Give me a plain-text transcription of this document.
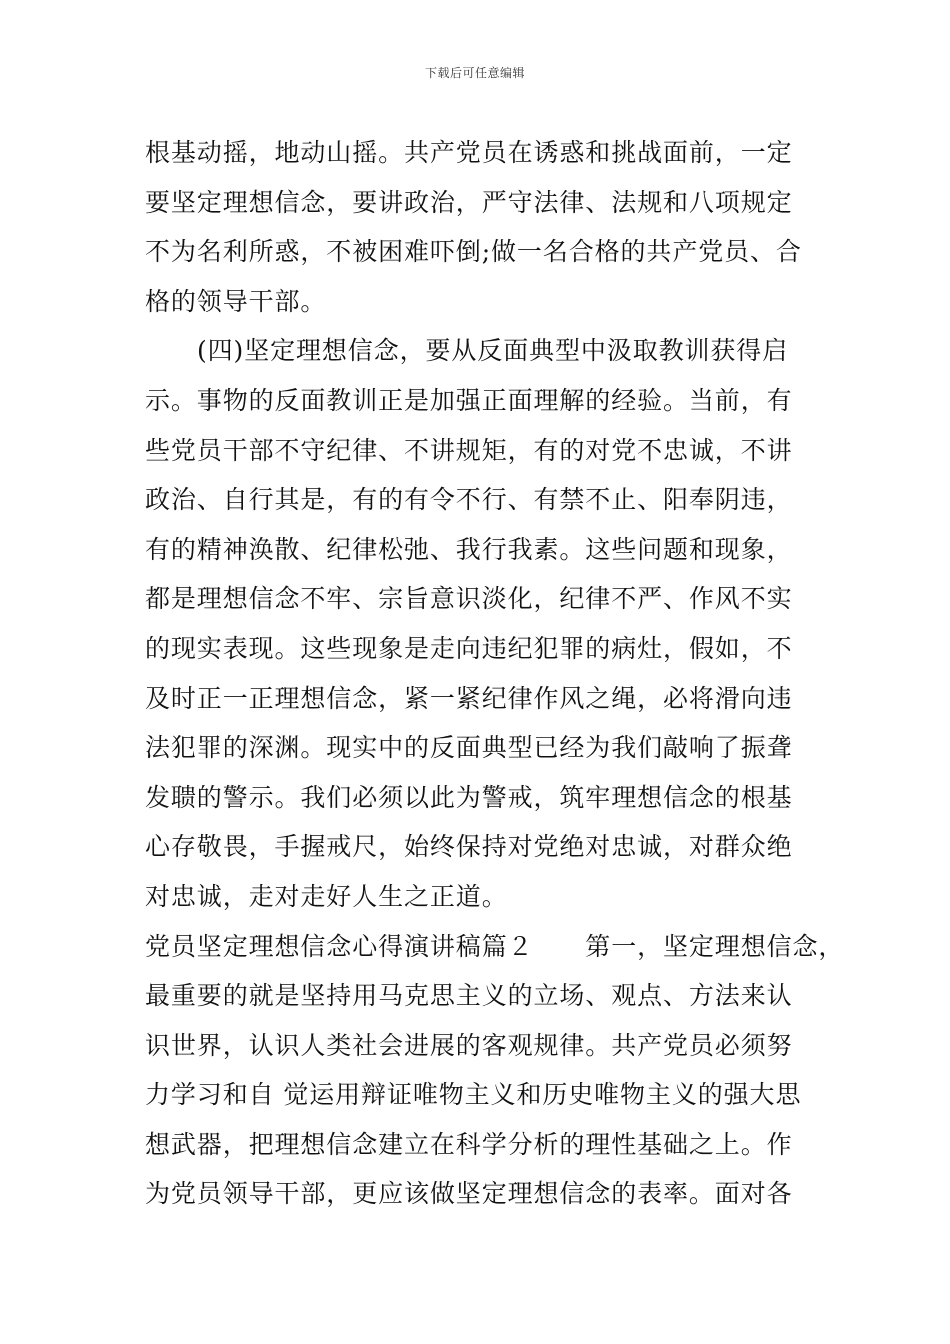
下载后可任意编辑
根基动摇，地动山摇。共产党员在诱惑和挑战面前，一定
要坚定理想信念，要讲政治，严守法律、法规和八项规定
不为名利所惑，不被困难吓倒;做一名合格的共产党员、合
格的领导干部。
(四)坚定理想信念，要从反面典型中汲取教训获得启
示。事物的反面教训正是加强正面理解的经验。当前，有
些党员干部不守纪律、不讲规矩，有的对党不忠诚，不讲
政治、自行其是，有的有令不行、有禁不止、阳奉阴违，
有的精神涣散、纪律松弛、我行我素。这些问题和现象，
都是理想信念不牢、宗旨意识淡化，纪律不严、作风不实
的现实表现。这些现象是走向违纪犯罪的病灶，假如，不
及时正一正理想信念，紧一紧纪律作风之绳，必将滑向违
法犯罪的深渊。现实中的反面典型已经为我们敲响了振聋
发聩的警示。我们必须以此为警戒，筑牢理想信念的根基
心存敬畏，手握戒尺，始终保持对党绝对忠诚，对群众绝
对忠诚，走对走好人生之正道。
党员坚定理想信念心得演讲稿篇２　　第一，坚定理想信念，
最重要的就是坚持用马克思主义的立场、观点、方法来认
识世界，认识人类社会进展的客观规律。共产党员必须努
力学习和自 觉运用辩证唯物主义和历史唯物主义的强大思
想武器，把理想信念建立在科学分析的理性基础之上。作
为党员领导干部，更应该做坚定理想信念的表率。面对各
